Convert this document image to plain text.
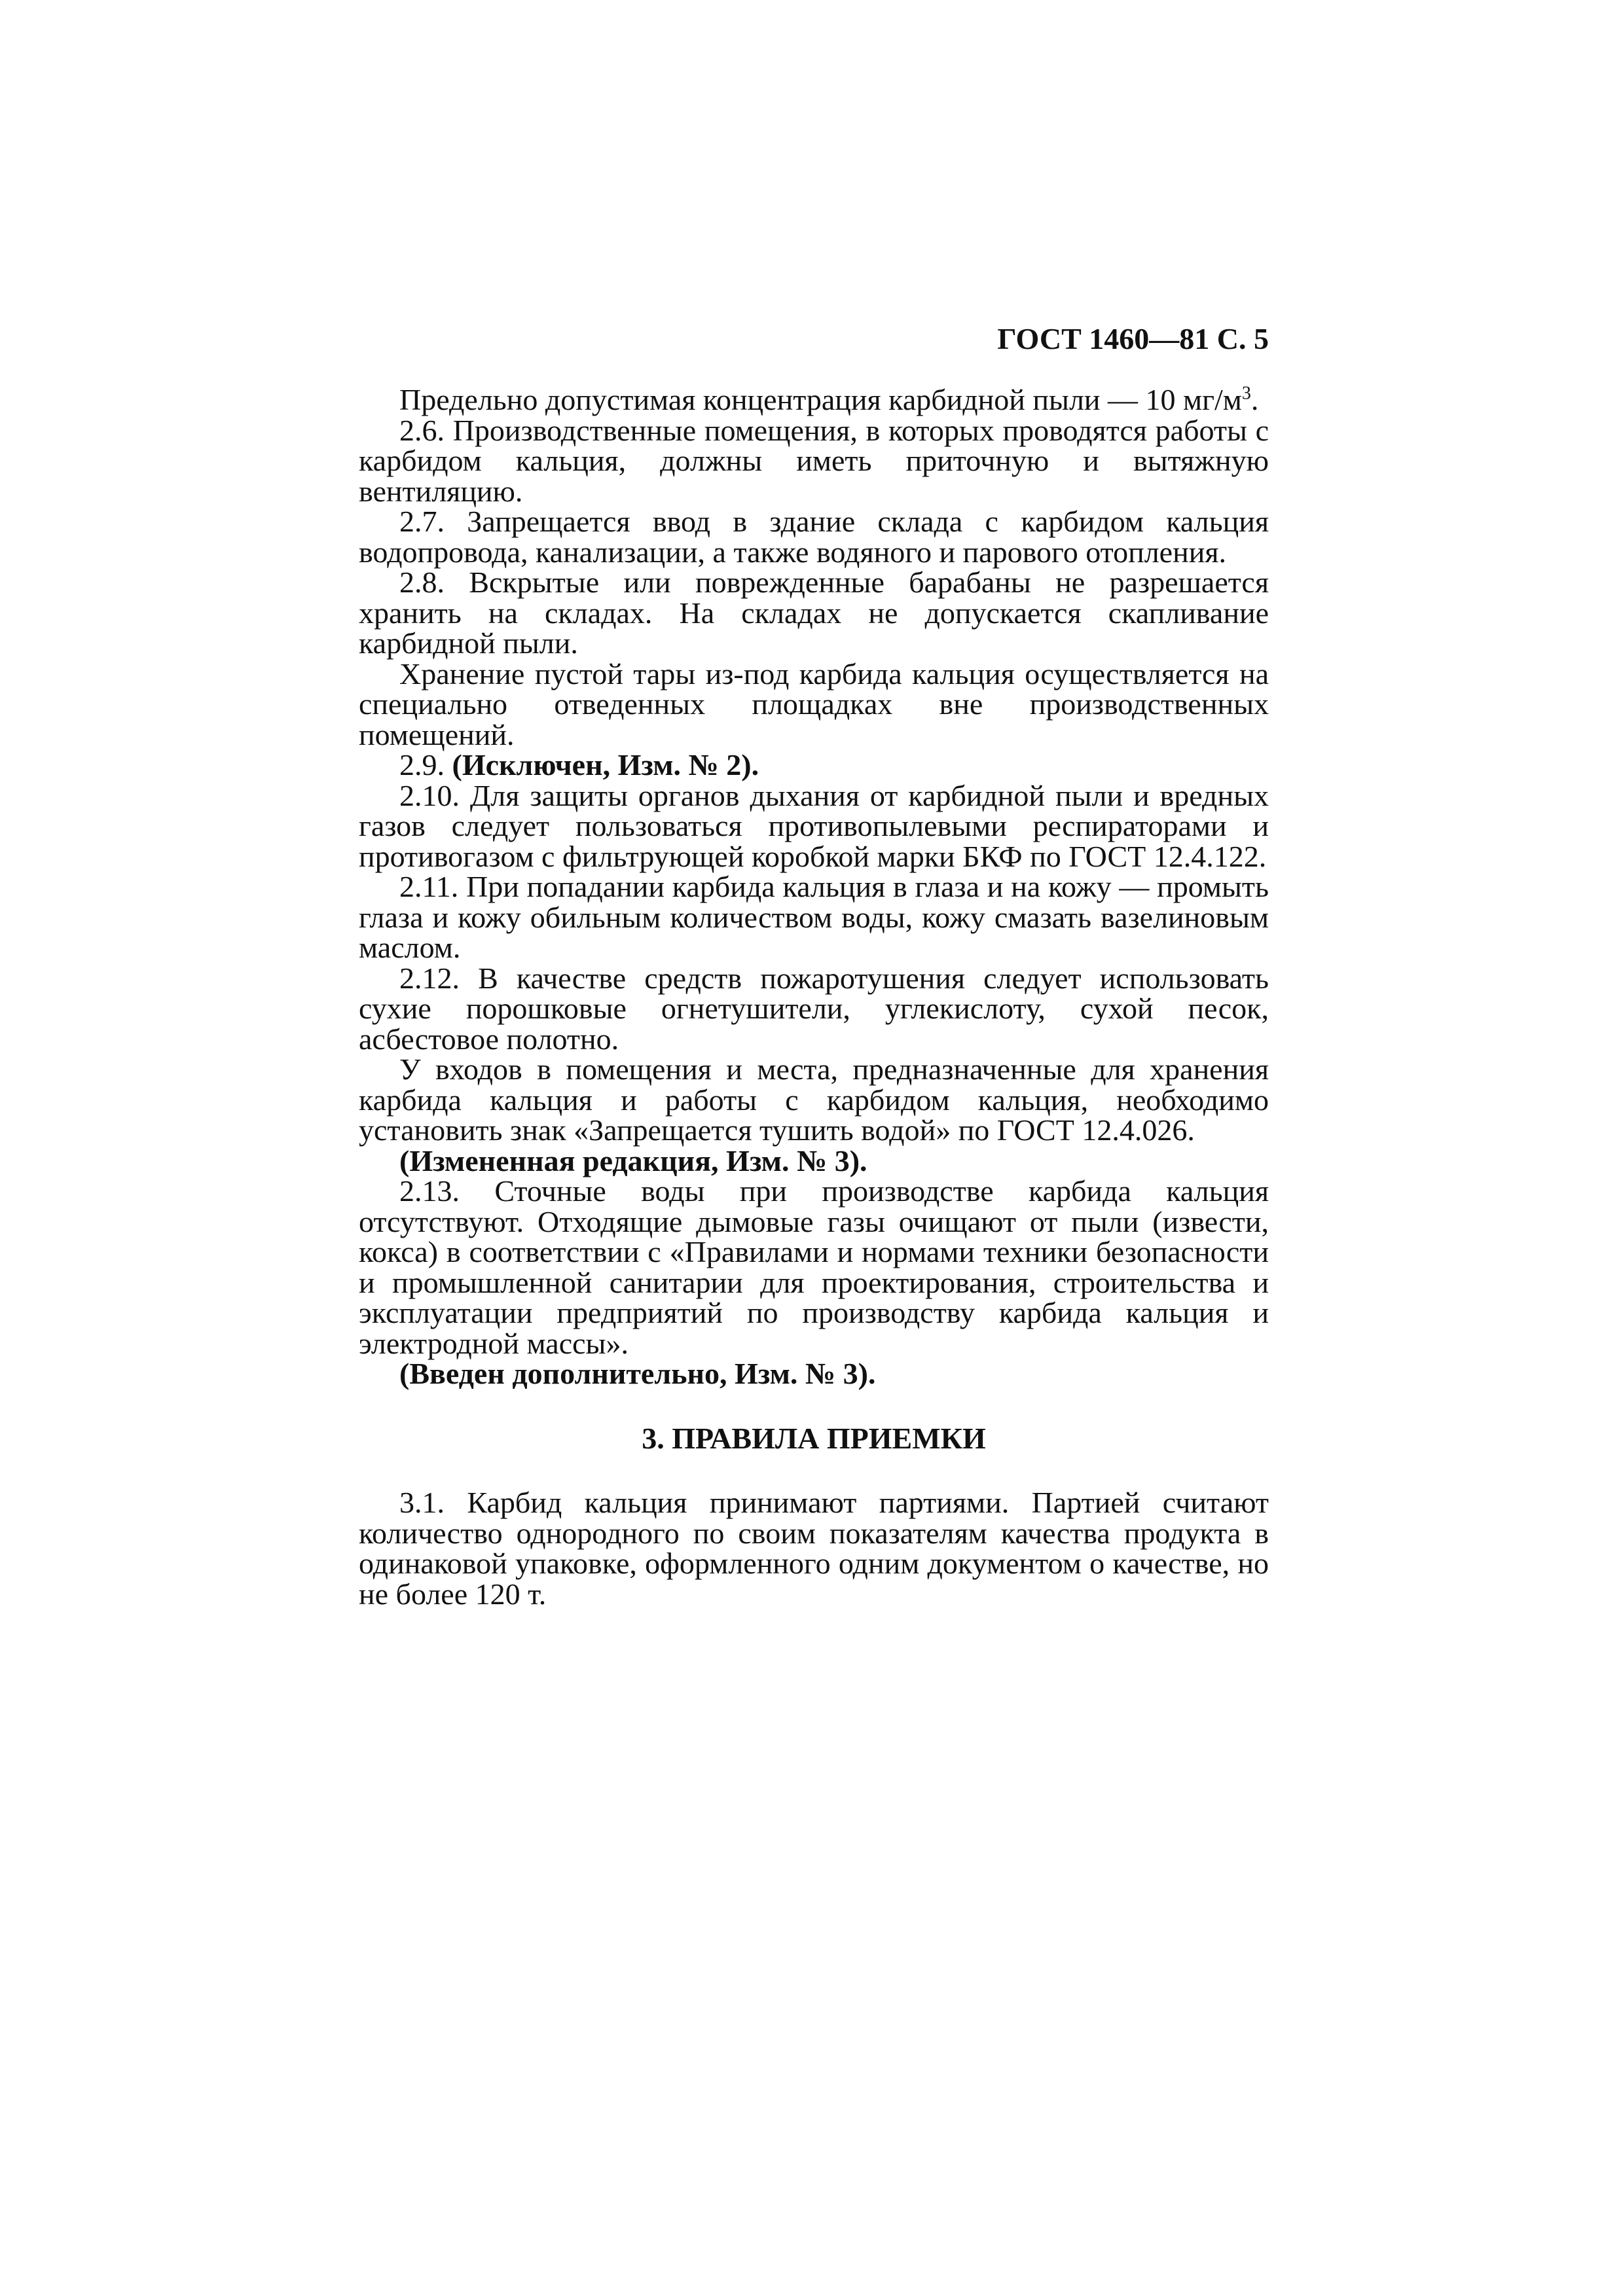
ГОСТ 1460—81 С. 5

Предельно допустимая концентрация карбидной пыли — 10 $мг/м^3$.

2.6. Производственные помещения, в которых проводятся работы с карбидом кальция, должны иметь приточную и вытяжную вентиляцию.

2.7. Запрещается ввод в здание склада с карбидом кальция водопровода, канализации, а также водяного и парового отопления.

2.8. Вскрытые или поврежденные барабаны не разрешается хранить на складах. На складах не допускается скапливание карбидной пыли.

Хранение пустой тары из-под карбида кальция осуществляется на специально отведенных площадках вне производственных помещений.

2.9. (Исключен, Изм. № 2).

2.10. Для защиты органов дыхания от карбидной пыли и вредных газов следует пользоваться противопылевыми респираторами и противогазом с фильтрующей коробкой марки БКФ по ГОСТ 12.4.122.

2.11. При попадании карбида кальция в глаза и на кожу — промыть глаза и кожу обильным количеством воды, кожу смазать вазелиновым маслом.

2.12. В качестве средств пожаротушения следует использовать сухие порошковые огнетушители, углекислоту, сухой песок, асбестовое полотно.

У входов в помещения и места, предназначенные для хранения карбида кальция и работы с карбидом кальция, необходимо установить знак «Запрещается тушить водой» по ГОСТ 12.4.026.

(Измененная редакция, Изм. № 3).

2.13. Сточные воды при производстве карбида кальция отсутствуют. Отходящие дымовые газы очищают от пыли (извести, кокса) в соответствии с «Правилами и нормами техники безопасности и промышленной санитарии для проектирования, строительства и эксплуатации предприятий по производству карбида кальция и электродной массы».

(Введен дополнительно, Изм. № 3).

3. ПРАВИЛА ПРИЕМКИ

3.1. Карбид кальция принимают партиями. Партией считают количество однородного по своим показателям качества продукта в одинаковой упаковке, оформленного одним документом о качестве, но не более 120 т.
